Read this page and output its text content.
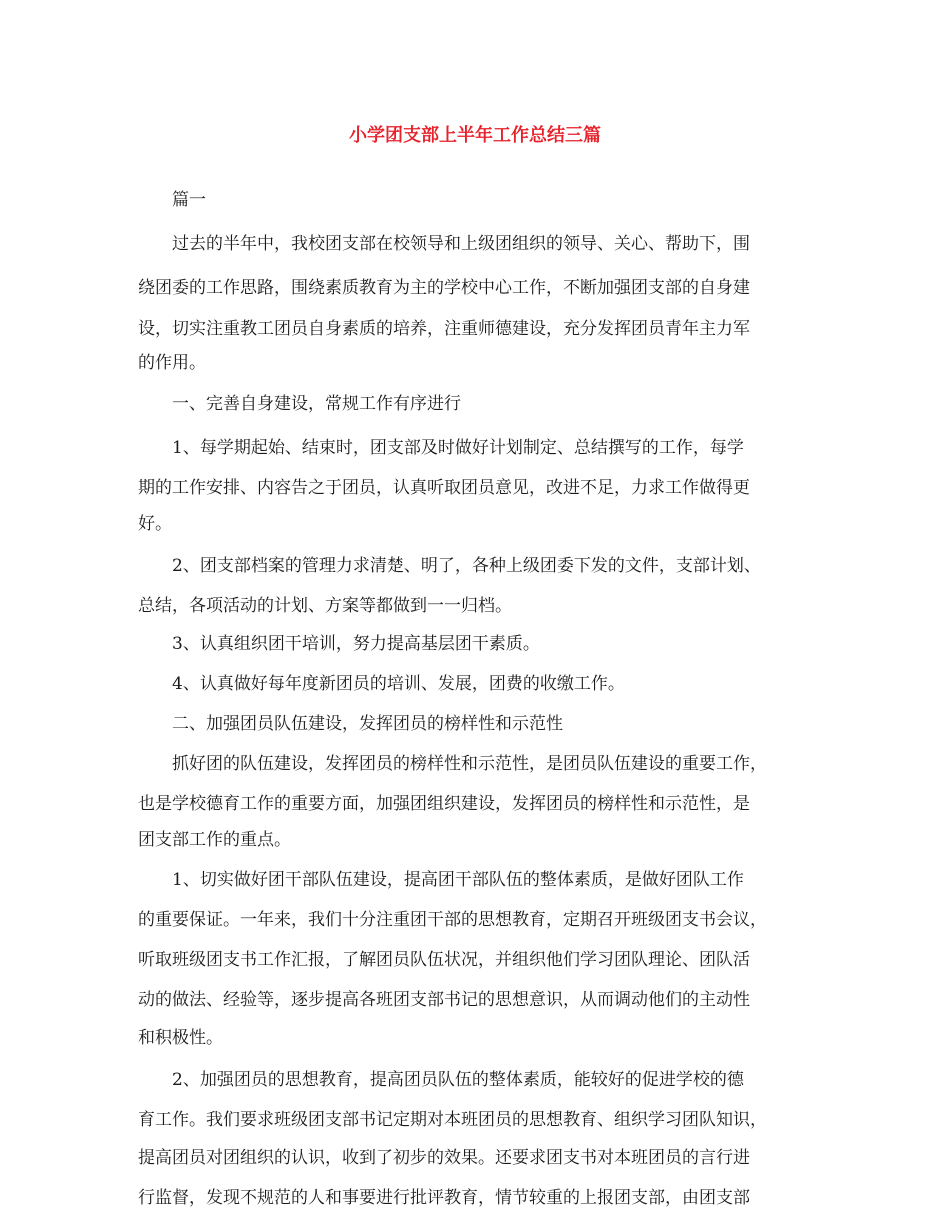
小学团支部上半年工作总结三篇
篇一
过去的半年中，我校团支部在校领导和上级团组织的领导、关心、帮助下，围
绕团委的工作思路，围绕素质教育为主的学校中心工作，不断加强团支部的自身建
设，切实注重教工团员自身素质的培养，注重师德建设，充分发挥团员青年主力军
的作用。
一、完善自身建设，常规工作有序进行
1、每学期起始、结束时，团支部及时做好计划制定、总结撰写的工作，每学
期的工作安排、内容告之于团员，认真听取团员意见，改进不足，力求工作做得更
好。
2、团支部档案的管理力求清楚、明了，各种上级团委下发的文件，支部计划、
总结，各项活动的计划、方案等都做到一一归档。
3、认真组织团干培训，努力提高基层团干素质。
4、认真做好每年度新团员的培训、发展，团费的收缴工作。
二、加强团员队伍建设，发挥团员的榜样性和示范性
抓好团的队伍建设，发挥团员的榜样性和示范性，是团员队伍建设的重要工作，
也是学校德育工作的重要方面，加强团组织建设，发挥团员的榜样性和示范性，是
团支部工作的重点。
1、切实做好团干部队伍建设，提高团干部队伍的整体素质，是做好团队工作
的重要保证。一年来，我们十分注重团干部的思想教育，定期召开班级团支书会议，
听取班级团支书工作汇报，了解团员队伍状况，并组织他们学习团队理论、团队活
动的做法、经验等，逐步提高各班团支部书记的思想意识，从而调动他们的主动性
和积极性。
2、加强团员的思想教育，提高团员队伍的整体素质，能较好的促进学校的德
育工作。我们要求班级团支部书记定期对本班团员的思想教育、组织学习团队知识，
提高团员对团组织的认识，收到了初步的效果。还要求团支书对本班团员的言行进
行监督，发现不规范的人和事要进行批评教育，情节较重的上报团支部，由团支部
